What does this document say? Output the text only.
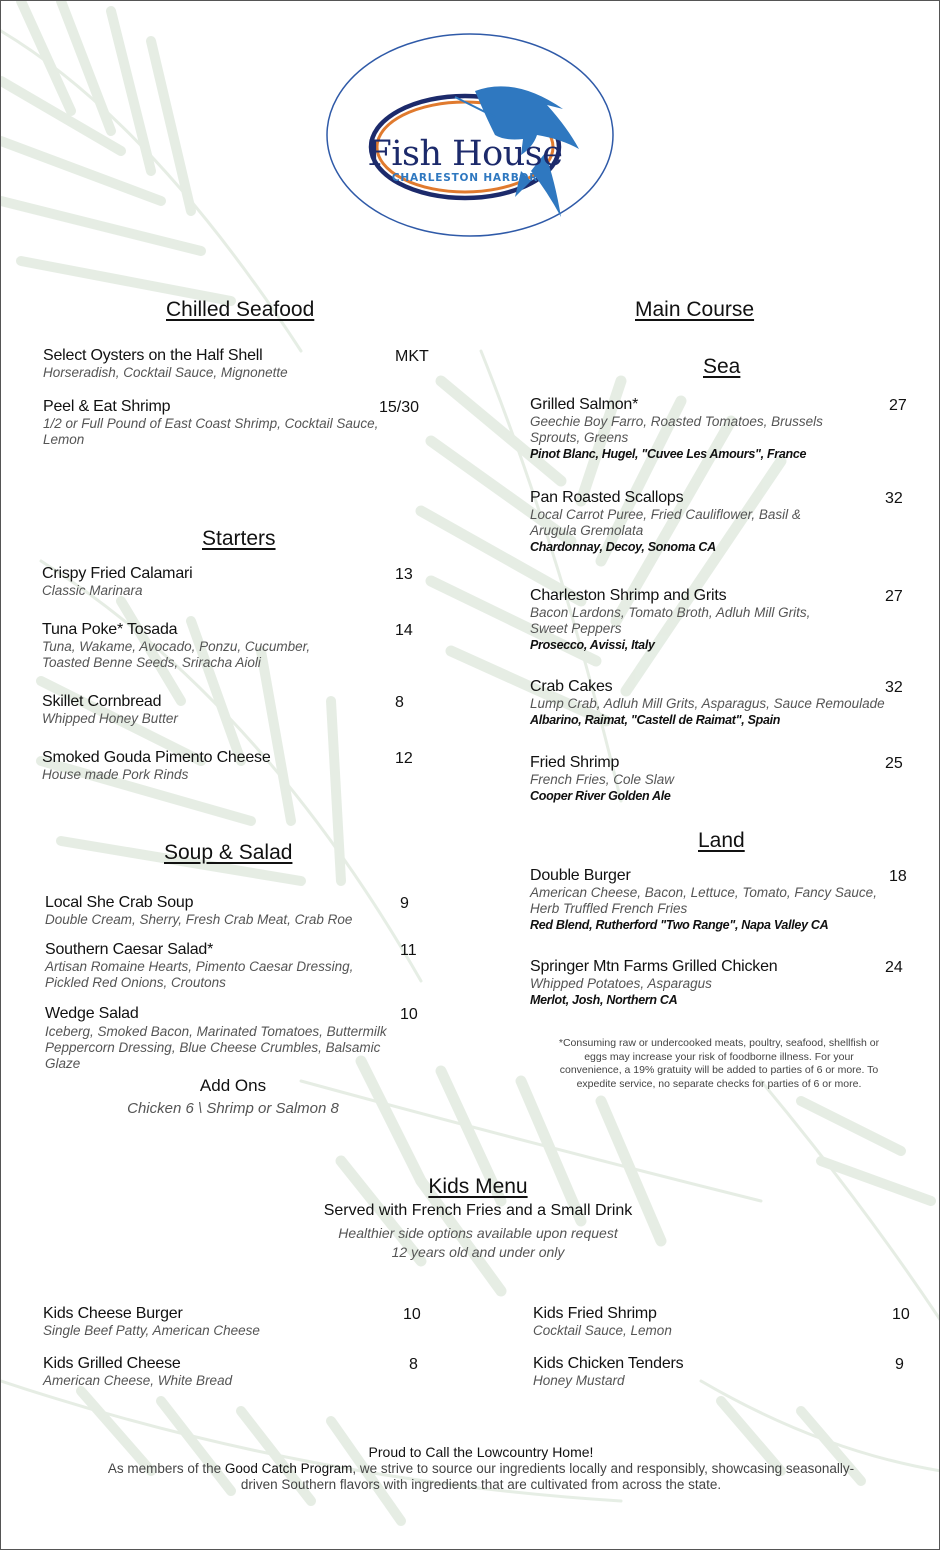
Fish House
CHARLESTON HARBOR
Chilled Seafood
Select Oysters on the Half Shell
Horseradish, Cocktail Sauce, Mignonette
MKT
Peel & Eat Shrimp
1/2 or Full Pound of East Coast Shrimp, Cocktail Sauce, Lemon
15/30
Starters
Crispy Fried Calamari
Classic Marinara
13
Tuna Poke* Tosada
Tuna, Wakame, Avocado, Ponzu, Cucumber, Toasted Benne Seeds, Sriracha Aioli
14
Skillet Cornbread
Whipped Honey Butter
8
Smoked Gouda Pimento Cheese
House made Pork Rinds
12
Soup & Salad
Local She Crab Soup
Double Cream, Sherry, Fresh Crab Meat, Crab Roe
9
Southern Caesar Salad*
Artisan Romaine Hearts, Pimento Caesar Dressing, Pickled Red Onions, Croutons
11
Wedge Salad
Iceberg, Smoked Bacon, Marinated Tomatoes, Buttermilk Peppercorn Dressing, Blue Cheese Crumbles, Balsamic Glaze
10
Add Ons
Chicken 6 \ Shrimp or Salmon 8
Main Course
Sea
Grilled Salmon*
Geechie Boy Farro, Roasted Tomatoes, Brussels Sprouts, Greens
Pinot Blanc, Hugel, "Cuvee Les Amours", France
27
Pan Roasted Scallops
Local Carrot Puree, Fried Cauliflower, Basil & Arugula Gremolata
Chardonnay, Decoy, Sonoma CA
32
Charleston Shrimp and Grits
Bacon Lardons, Tomato Broth, Adluh Mill Grits, Sweet Peppers
Prosecco, Avissi, Italy
27
Crab Cakes
Lump Crab, Adluh Mill Grits, Asparagus, Sauce Remoulade
Albarino, Raimat, "Castell de Raimat", Spain
32
Fried Shrimp
French Fries, Cole Slaw
Cooper River Golden Ale
25
Land
Double Burger
American Cheese, Bacon, Lettuce, Tomato, Fancy Sauce, Herb Truffled French Fries
Red Blend, Rutherford "Two Range", Napa Valley CA
18
Springer Mtn Farms Grilled Chicken
Whipped Potatoes, Asparagus
Merlot, Josh, Northern CA
24
*Consuming raw or undercooked meats, poultry, seafood, shellfish or eggs may increase your risk of foodborne illness. For your convenience, a 19% gratuity will be added to parties of 6 or more. To expedite service, no separate checks for parties of 6 or more.
Kids Menu
Served with French Fries and a Small Drink
Healthier side options available upon request
12 years old and under only
Kids Cheese Burger
Single Beef Patty, American Cheese
10
Kids Grilled Cheese
American Cheese, White Bread
8
Kids Fried Shrimp
Cocktail Sauce, Lemon
10
Kids Chicken Tenders
Honey Mustard
9
Proud to Call the Lowcountry Home!
As members of the Good Catch Program, we strive to source our ingredients locally and responsibly, showcasing seasonally-driven Southern flavors with ingredients that are cultivated from across the state.
